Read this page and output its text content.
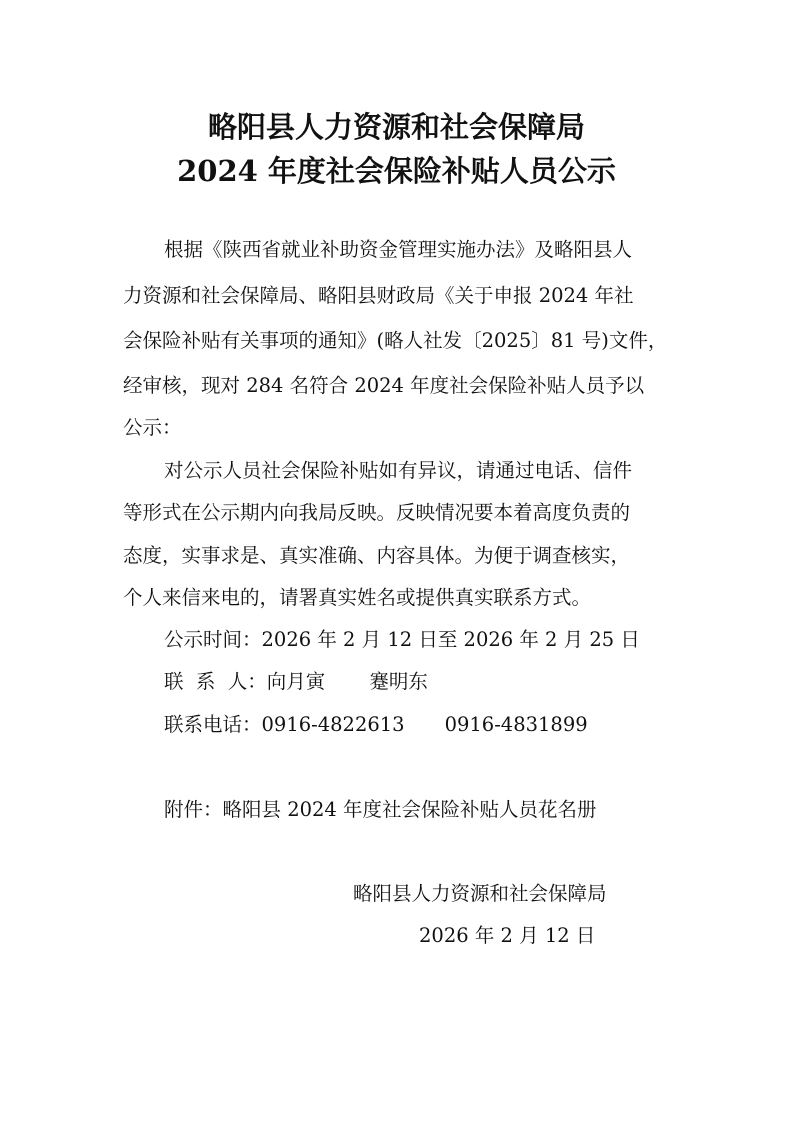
略阳县人力资源和社会保障局
2024 年度社会保险补贴人员公示
根据《陕西省就业补助资金管理实施办法》及略阳县人
力资源和社会保障局、略阳县财政局《关于申报 2024 年社
会保险补贴有关事项的通知》(略人社发〔2025〕81 号)文件，
经审核，现对 284 名符合 2024 年度社会保险补贴人员予以
公示：
对公示人员社会保险补贴如有异议，请通过电话、信件
等形式在公示期内向我局反映。反映情况要本着高度负责的
态度，实事求是、真实准确、内容具体。为便于调查核实，
个人来信来电的，请署真实姓名或提供真实联系方式。
公示时间：2026 年 2 月 12 日至 2026 年 2 月 25 日
联  系  人：向月寅 蹇明东
联系电话：0916-4822613 0916-4831899
附件：略阳县 2024 年度社会保险补贴人员花名册
略阳县人力资源和社会保障局
2026 年 2 月 12 日
